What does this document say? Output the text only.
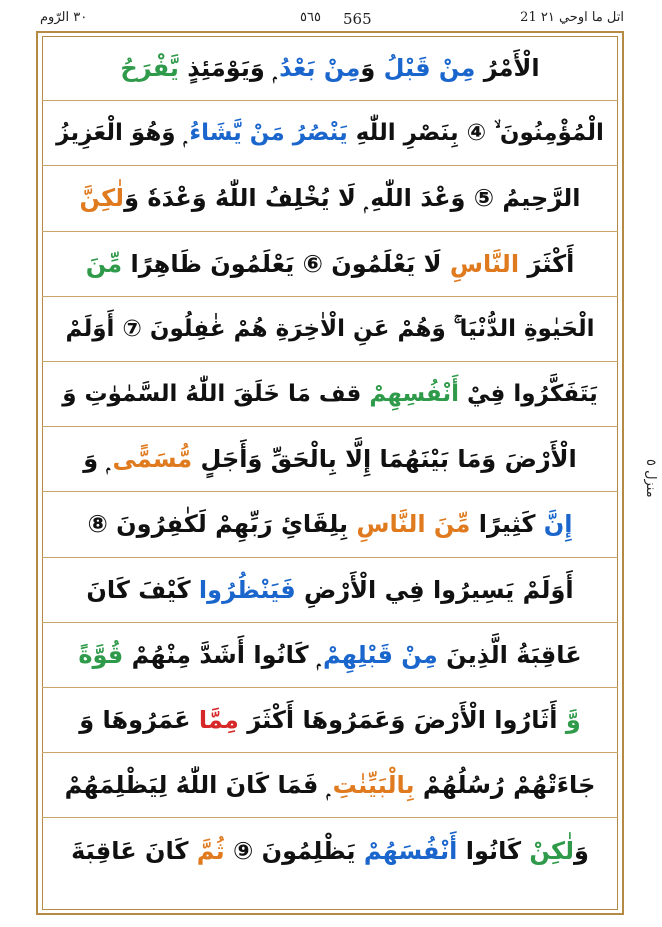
٣٠ الرّوم	٥٦٥ 565	اتل ما اوحي ٢١ 21
الْأَمْرُ مِنْ قَبْلُ وَمِنْ بَعْدُ ۭ وَيَوْمَئِذٍ يَّفْرَحُ
الْمُؤْمِنُونَ ۙ ④ بِنَصْرِ اللّٰهِ يَنْصُرُ مَنْ يَّشَاءُ ۭ وَهُوَ الْعَزِيزُ
الرَّحِيمُ ⑤ وَعْدَ اللّٰهِ ۭ لَا يُخْلِفُ اللّٰهُ وَعْدَهٗ وَلٰكِنَّ
أَكْثَرَ النَّاسِ لَا يَعْلَمُونَ ⑥ يَعْلَمُونَ ظَاهِرًا مِّنَ
الْحَيٰوةِ الدُّنْيَا ۚ وَهُمْ عَنِ الْاٰخِرَةِ هُمْ غٰفِلُونَ ⑦ أَوَلَمْ
يَتَفَكَّرُوا فِيْ أَنْفُسِهِمْ قف مَا خَلَقَ اللّٰهُ السَّمٰوٰتِ وَ
الْأَرْضَ وَمَا بَيْنَهُمَا إِلَّا بِالْحَقِّ وَأَجَلٍ مُّسَمًّى ۭ وَ
إِنَّ كَثِيرًا مِّنَ النَّاسِ بِلِقَائِ رَبِّهِمْ لَكٰفِرُونَ ⑧
أَوَلَمْ يَسِيرُوا فِي الْأَرْضِ فَيَنْظُرُوا كَيْفَ كَانَ
عَاقِبَةُ الَّذِينَ مِنْ قَبْلِهِمْ ۭ كَانُوا أَشَدَّ مِنْهُمْ قُوَّةً
وَّ أَثَارُوا الْأَرْضَ وَعَمَرُوهَا أَكْثَرَ مِمَّا عَمَرُوهَا وَ
جَاءَتْهُمْ رُسُلُهُمْ بِالْبَيِّنٰتِ ۭ فَمَا كَانَ اللّٰهُ لِيَظْلِمَهُمْ
وَلٰكِنْ كَانُوا أَنْفُسَهُمْ يَظْلِمُونَ ⑨ ثُمَّ كَانَ عَاقِبَةَ
منزل ٥
